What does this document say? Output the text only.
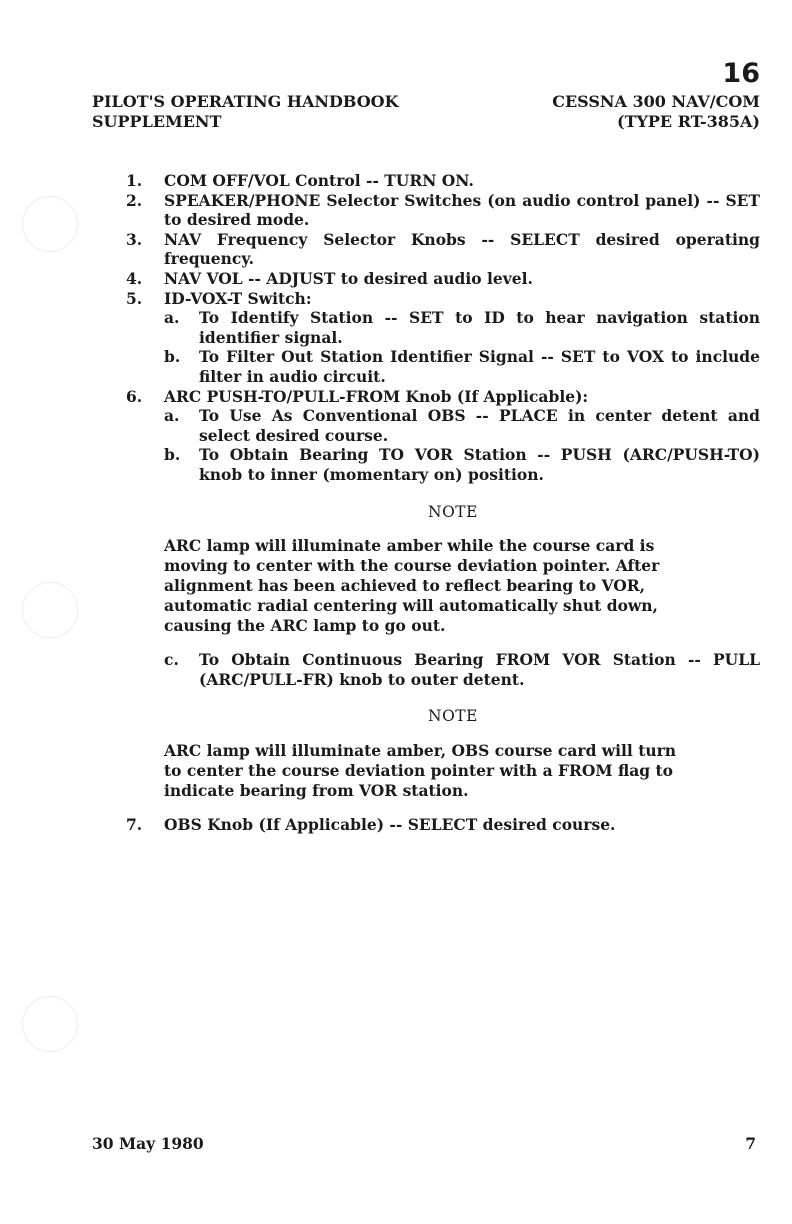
16
PILOT'S OPERATING HANDBOOK
SUPPLEMENT
CESSNA 300 NAV/COM
(TYPE RT-385A)
1.	COM OFF/VOL Control -- TURN ON.
2.	SPEAKER/PHONE Selector Switches (on audio control panel) -- SET to desired mode.
3.	NAV Frequency Selector Knobs -- SELECT desired operating frequency.
4.	NAV VOL -- ADJUST to desired audio level.
5.	ID-VOX-T Switch:
a.	To Identify Station -- SET to ID to hear navigation station identifier signal.
b.	To Filter Out Station Identifier Signal -- SET to VOX to include filter in audio circuit.
6.	ARC PUSH-TO/PULL-FROM Knob (If Applicable):
a.	To Use As Conventional OBS -- PLACE in center detent and select desired course.
b.	To Obtain Bearing TO VOR Station -- PUSH (ARC/PUSH-TO) knob to inner (momentary on) position.
NOTE
ARC lamp will illuminate amber while the course card is moving to center with the course deviation pointer. After alignment has been achieved to reflect bearing to VOR, automatic radial centering will automatically shut down, causing the ARC lamp to go out.
c.	To Obtain Continuous Bearing FROM VOR Station -- PULL (ARC/PULL-FR) knob to outer detent.
NOTE
ARC lamp will illuminate amber, OBS course card will turn to center the course deviation pointer with a FROM flag to indicate bearing from VOR station.
7.	OBS Knob (If Applicable) -- SELECT desired course.
30 May 1980	7
